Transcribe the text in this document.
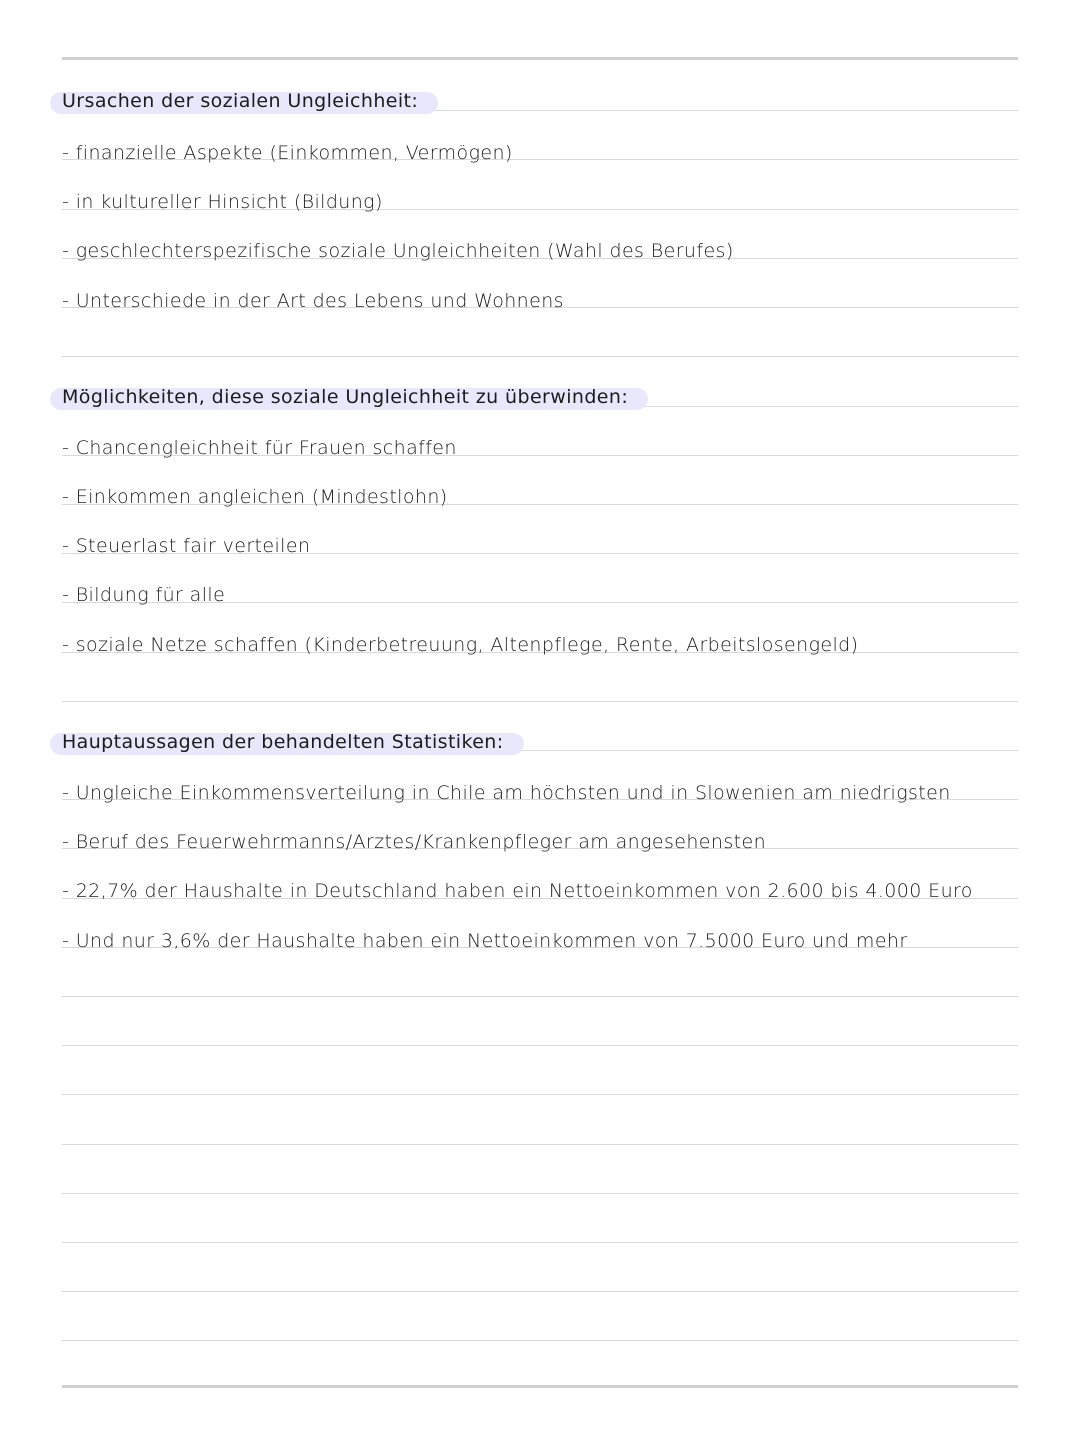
Ursachen der sozialen Ungleichheit:
- finanzielle Aspekte (Einkommen, Vermögen)
- in kultureller Hinsicht (Bildung)
- geschlechterspezifische soziale Ungleichheiten (Wahl des Berufes)
- Unterschiede in der Art des Lebens und Wohnens
Möglichkeiten, diese soziale Ungleichheit zu überwinden:
- Chancengleichheit für Frauen schaffen
- Einkommen angleichen (Mindestlohn)
- Steuerlast fair verteilen
- Bildung für alle
- soziale Netze schaffen (Kinderbetreuung, Altenpflege, Rente, Arbeitslosengeld)
Hauptaussagen der behandelten Statistiken:
- Ungleiche Einkommensverteilung in Chile am höchsten und in Slowenien am niedrigsten
- Beruf des Feuerwehrmanns/Arztes/Krankenpfleger am angesehensten
- 22,7% der Haushalte in Deutschland haben ein Nettoeinkommen von 2.600 bis 4.000 Euro
- Und nur 3,6% der Haushalte haben ein Nettoeinkommen von 7.5000 Euro und mehr
